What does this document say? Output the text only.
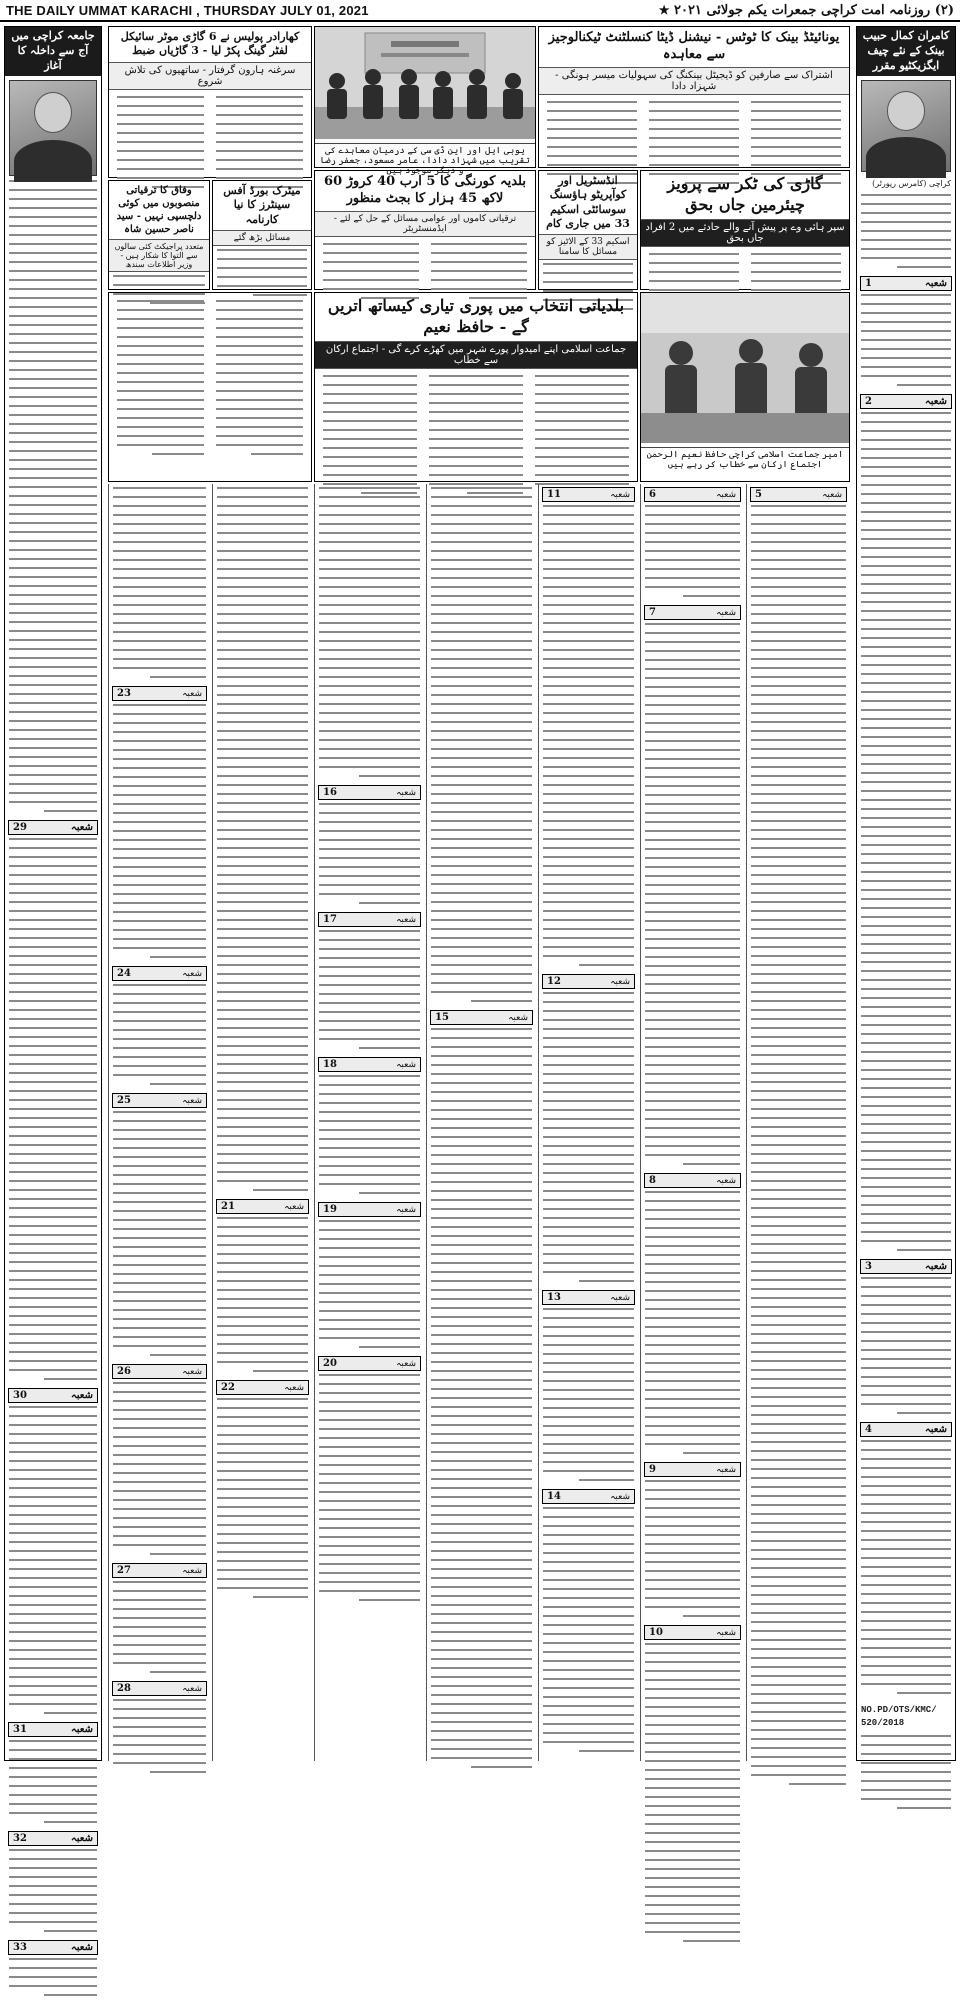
THE DAILY UMMAT KARACHI , THURSDAY JULY 01, 2021	(۲) روزنامہ امت کراچی جمعرات یکم جولائی ۲۰۲۱ ★
کامران کمال حبیب بینک کے نئے چیف ایگزیکٹیو مقرر
کراچی (کامرس رپورٹر)
شعبہ
1
شعبہ
2
شعبہ
3
شعبہ
4
NO.PD/OTS/KMC/
520/2018
جامعہ کراچی میں آج سے داخلہ کا آغاز
شعبہ
29
شعبہ
30
شعبہ
31
شعبہ
32
شعبہ
33
یونائیٹڈ بینک کا ٹوٹس - نیشنل ڈیٹا کنسلٹنٹ ٹیکنالوجیز سے معاہدہ
اشتراک سے صارفین کو ڈیجیٹل بینکنگ کی سہولیات میسر ہونگی - شہزاد دادا
یوبی ایل اور این ڈی سی کے درمیان معاہدے کی تقریب میں شہزاد دادا، عامر مسعود، جعفر رضا و دیگر موجود ہیں
کھارادر پولیس نے 6 گاڑی موٹر سائیکل لفٹر گینگ پکڑ لیا - 3 گاڑیاں ضبط
سرغنہ ہارون گرفتار - ساتھیوں کی تلاش شروع
انڈسٹریل اور کوآپریٹو ہاؤسنگ سوسائٹی اسکیم 33 میں جاری کام
اسکیم 33 کے الاٹیز کو مسائل کا سامنا
گاڑی کی ٹکر سے پرویز چیئرمین جاں بحق
سپر ہائی وے پر پیش آنے والے حادثے میں 2 افراد جاں بحق
بلدیہ کورنگی کا 5 ارب 40 کروڑ 60 لاکھ 45 ہزار کا بجٹ منظور
ترقیاتی کاموں اور عوامی مسائل کے حل کے لئے - ایڈمنسٹریٹر
میٹرک بورڈ آفس سینٹرز کا نیا کارنامہ
مسائل بڑھ گئے
وفاق کا ترقیاتی منصوبوں میں کوئی دلچسپی نہیں - سید ناصر حسین شاہ
متعدد پراجیکٹ کئی سالوں سے التوا کا شکار ہیں - وزیر اطلاعات سندھ
امیر جماعت اسلامی کراچی حافظ نعیم الرحمن اجتماع ارکان سے خطاب کر رہے ہیں
بلدیاتی انتخاب میں پوری تیاری کیساتھ اتریں گے - حافظ نعیم
جماعت اسلامی اپنے امیدوار پورے شہر میں کھڑے کرے گی - اجتماع ارکان سے خطاب
شعبہ
5
شعبہ
6
شعبہ
7
شعبہ
8
شعبہ
9
شعبہ
10
شعبہ
11
شعبہ
12
شعبہ
13
شعبہ
14
شعبہ
15
شعبہ
16
شعبہ
17
شعبہ
18
شعبہ
19
شعبہ
20
شعبہ
21
شعبہ
22
شعبہ
23
شعبہ
24
شعبہ
25
شعبہ
26
شعبہ
27
شعبہ
28
